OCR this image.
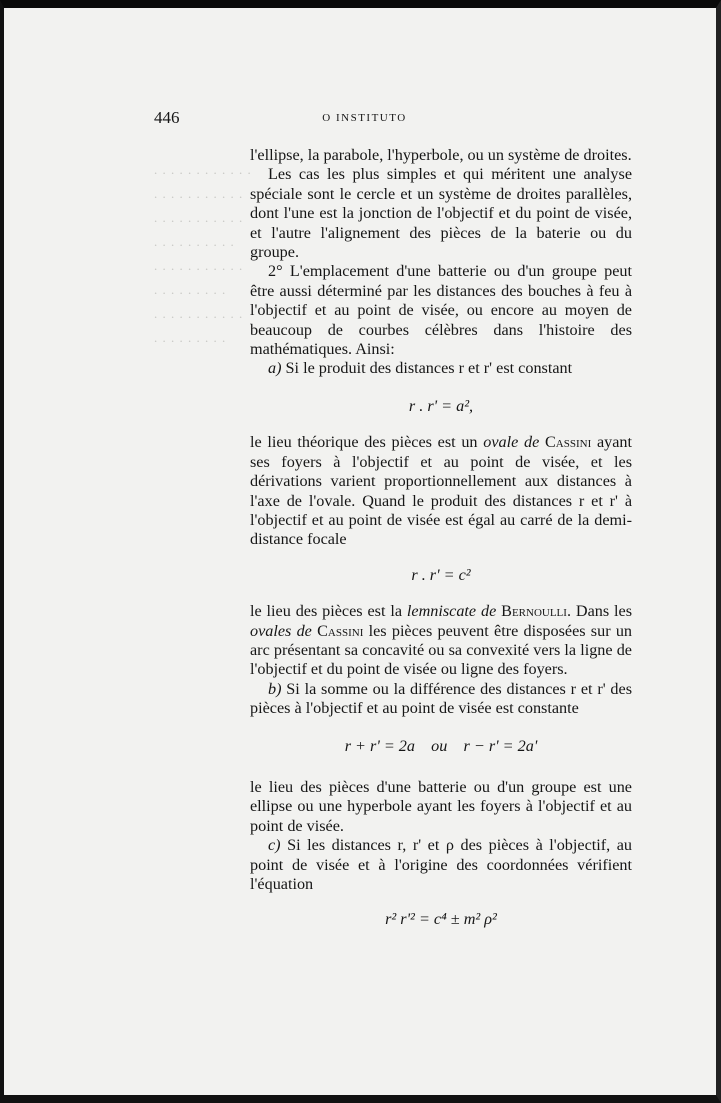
. . . . . . . . . . . .
. . . . . . . . . . .
. . . . . . . . . . .
. . . . . . . . . .
. . . . . . . . . . .
. . . . . . . . .
. . . . . . . . . . .
. . . . . . . . .
446	O INSTITUTO

l'ellipse, la parabole, l'hyperbole, ou un système de droites.

Les cas les plus simples et qui méritent une analyse spéciale sont le cercle et un système de droites parallèles, dont l'une est la jonction de l'objectif et du point de visée, et l'autre l'alignement des pièces de la baterie ou du groupe.

2° L'emplacement d'une batterie ou d'un groupe peut être aussi déterminé par les distances des bouches à feu à l'objectif et au point de visée, ou encore au moyen de beaucoup de courbes célèbres dans l'histoire des mathématiques. Ainsi:

a) Si le produit des distances r et r' est constant

r . r' = a²,

le lieu théorique des pièces est un ovale de Cassini ayant ses foyers à l'objectif et au point de visée, et les dérivations varient proportionnellement aux distances à l'axe de l'ovale. Quand le produit des distances r et r' à l'objectif et au point de visée est égal au carré de la demi-distance focale

r . r' = c²

le lieu des pièces est la lemniscate de Bernoulli. Dans les ovales de Cassini les pièces peuvent être disposées sur un arc présentant sa concavité ou sa convexité vers la ligne de l'objectif et du point de visée ou ligne des foyers.

b) Si la somme ou la différence des distances r et r' des pièces à l'objectif et au point de visée est constante

r + r' = 2a    ou    r − r' = 2a'

le lieu des pièces d'une batterie ou d'un groupe est une ellipse ou une hyperbole ayant les foyers à l'objectif et au point de visée.

c) Si les distances r, r' et ρ des pièces à l'objectif, au point de visée et à l'origine des coordonnées vérifient l'équation

r² r'² = c⁴ ± m² ρ²
